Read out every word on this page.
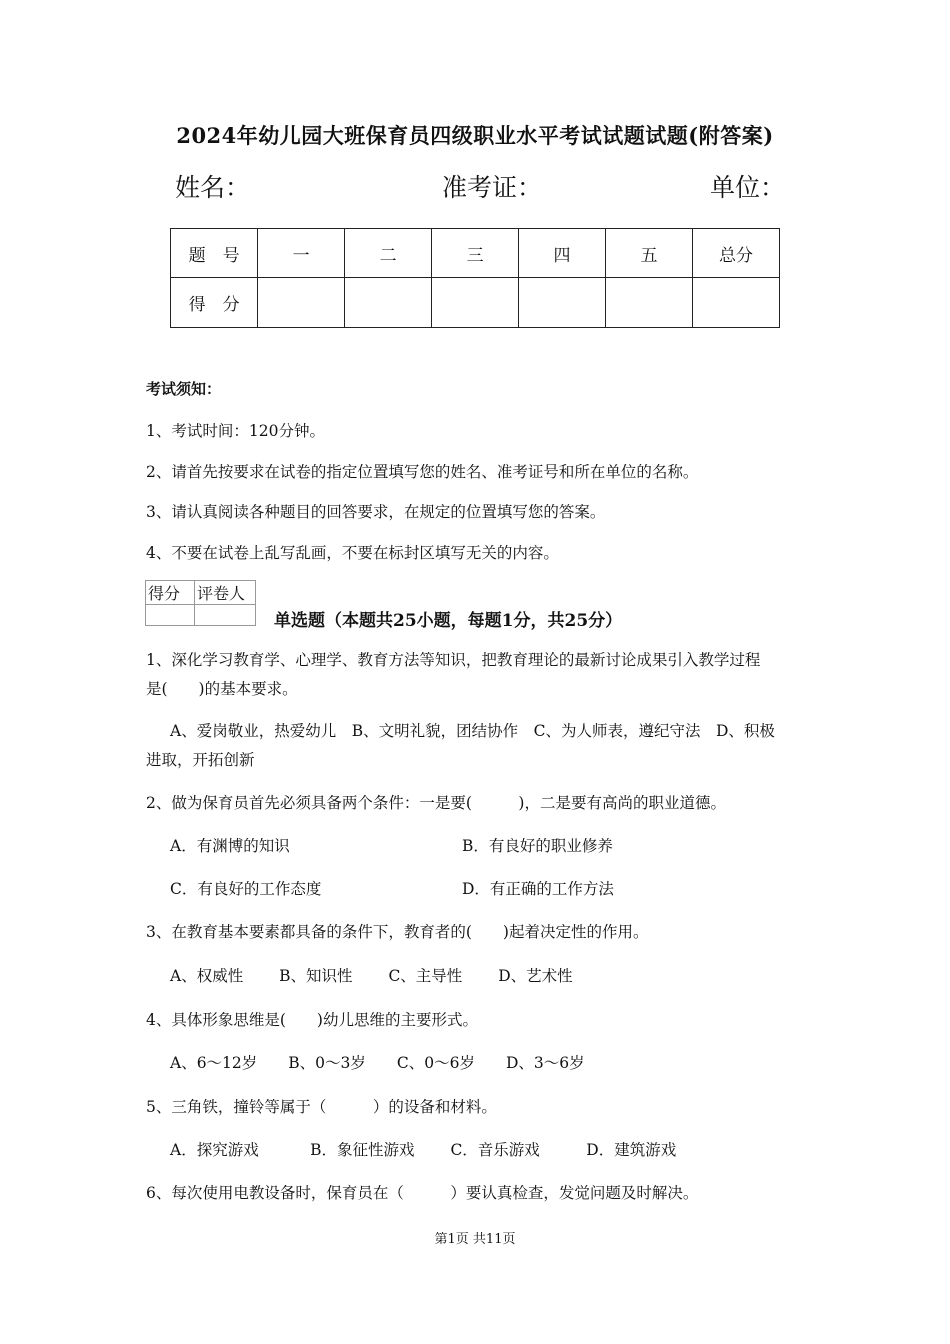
2024年幼儿园大班保育员四级职业水平考试试题试题(附答案)
姓名：	准考证：	单位：
题　号	一	二	三	四	五	总分
得　分						
考试须知：
1、考试时间：120分钟。
2、请首先按要求在试卷的指定位置填写您的姓名、准考证号和所在单位的名称。
3、请认真阅读各种题目的回答要求，在规定的位置填写您的答案。
4、不要在试卷上乱写乱画，不要在标封区填写无关的内容。
得分	评卷人

单选题（本题共25小题，每题1分，共25分）
1、深化学习教育学、心理学、教育方法等知识，把教育理论的最新讨论成果引入教学过程
是(　　)的基本要求。
A、爱岗敬业，热爱幼儿　B、文明礼貌，团结协作　C、为人师表，遵纪守法　D、积极
进取，开拓创新
2、做为保育员首先必须具备两个条件：一是要(　　　)，二是要有高尚的职业道德。
A．有渊博的知识	B．有良好的职业修养
C．有良好的工作态度	D．有正确的工作方法
3、在教育基本要素都具备的条件下，教育者的(　　)起着决定性的作用。
A、权威性　　 B、知识性　　 C、主导性　　 D、艺术性
4、具体形象思维是(　　)幼儿思维的主要形式。
A、6～12岁　　B、0～3岁　　C、0～6岁　　D、3～6岁
5、三角铁，撞铃等属于（　　　）的设备和材料。
A．探究游戏　　　 B．象征性游戏　　 C．音乐游戏　　　D．建筑游戏
6、每次使用电教设备时，保育员在（　　　）要认真检查，发觉问题及时解决。
第1页 共11页
